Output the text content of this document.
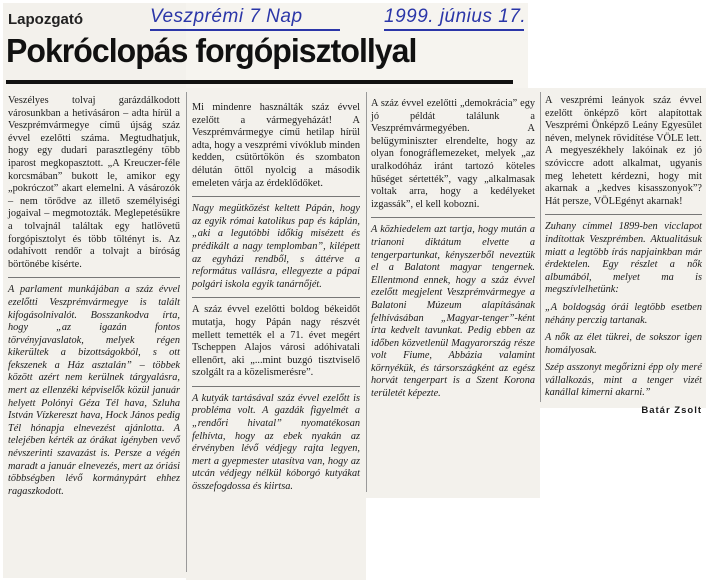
Veszprémi 7 Nap	1999. június 17.
Lapozgató
Pokróclopás forgópisztollyal

Veszélyes tolvaj garázdálkodott városunkban a hetivásáron – adta hírül a Veszprémvármegye című újság száz évvel ezelőtti száma. Megtudhatjuk, hogy egy dudari parasztlegény több iparost megkopasztott. „A Kreuczer-féle korcsmában” bukott le, amikor egy „pokróczot” akart elemelni. A vásározók – nem törődve az illető személyiségi jogaival – megmotozták. Meglepetésükre a tolvajnál találtak egy hatlövetű forgópisztolyt és több töltényt is. Az odahívott rendőr a tolvajt a bíróság börtönébe kísérte.

A parlament munkájában a száz évvel ezelőtti Veszprémvármegye is talált kifogásolnivalót. Bosszankodva írta, hogy „az igazán fontos törvényjavaslatok, melyek régen kikerültek a bizottságokból, s ott fekszenek a Ház asztalán” – többek között azért nem kerülnek tárgyalásra, mert az ellenzéki képviselők közül január helyett Polónyi Géza Tél hava, Szluha István Vízkereszt hava, Hock János pedig Tél hónapja elnevezést ajánlotta. A telejében kérték az órákat igényben vevő névszerinti szavazást is. Persze a végén maradt a január elnevezés, mert az óriási többségben lévő kormánypárt ehhez ragaszkodott.

Mi mindenre használták száz évvel ezelőtt a vármegyeházát! A Veszprémvármegye című hetilap hírül adta, hogy a veszprémi vívóklub minden kedden, csütörtökön és szombaton délután öttől nyolcig a második emeleten várja az érdeklődőket.

Nagy megütközést keltett Pápán, hogy az egyik római katolikus pap és káplán, „aki a legutóbbi időkig misézett és prédikált a nagy templomban”, kilépett az egyházi rendből, s áttérve a református vallásra, ellegyezte a pápai polgári iskola egyik tanárnőjét.

A száz évvel ezelőtti boldog békeidőt mutatja, hogy Pápán nagy részvét mellett temették el a 71. évet megért Tscheppen Alajos városi adóhivatali ellenőrt, aki „...mint buzgó tisztviselő szolgált ra a közelismerésre”.

A kutyák tartásával száz évvel ezelőtt is probléma volt. A gazdák figyelmét a „rendőri hivatal” nyomatékosan felhívta, hogy az ebek nyakán az érvényben lévő védjegy rajta legyen, mert a gyepmester utasítva van, hogy az utcán védjegy nélkül kóborgó kutyákat összefogdossa és kiirtsa.

A száz évvel ezelőtti „demokrácia” egy jó példát találunk a Veszprémvármegyében. A belügyminiszter elrendelte, hogy az olyan fonográflemezeket, melyek „az uralkodóház iránt tartozó köteles hűséget sértették”, vagy „alkalmasak voltak arra, hogy a kedélyeket izgassák”, el kell kobozni.

A közhiedelem azt tartja, hogy mután a trianoni diktátum elvette a tengerpartunkat, kényszerből neveztük el a Balatont magyar tengernek. Ellentmond ennek, hogy a száz évvel ezelőtt megjelent Veszprémvármegye a Balatoni Múzeum alapításának felhívásában „Magyar-tenger”-ként írta kedvelt tavunkat. Pedig ebben az időben közvetlenül Magyarország része volt Fiume, Abbázia valamint környékük, és társországként az egész horvát tengerpart is a Szent Korona területét képezte.

A veszprémi leányok száz évvel ezelőtt önképző kört alapítottak Veszprémi Önképző Leány Egyesület néven, melynek rövidítése VÖLE lett. A megyeszékhely lakóinak ez jó szóviccre adott alkalmat, ugyanis meg lehetett kérdezni, hogy mit akarnak a „kedves kisasszonyok”? Hát persze, VÖLEgényt akarnak!

Zuhany címmel 1899-ben vicclapot indítottak Veszprémben. Aktualitásuk miatt a legtöbb írás napjainkban már érdektelen. Egy részlet a nők albumából, melyet ma is megszívlelhetünk:

„A boldogság órái legtöbb esetben néhány perczig tartanak.

A nők az élet tükrei, de sokszor igen homályosak.

Szép asszonyt megőrizni épp oly meré vállalkozás, mint a tenger vizét kanállal kimerni akarni.”

Batár Zsolt
